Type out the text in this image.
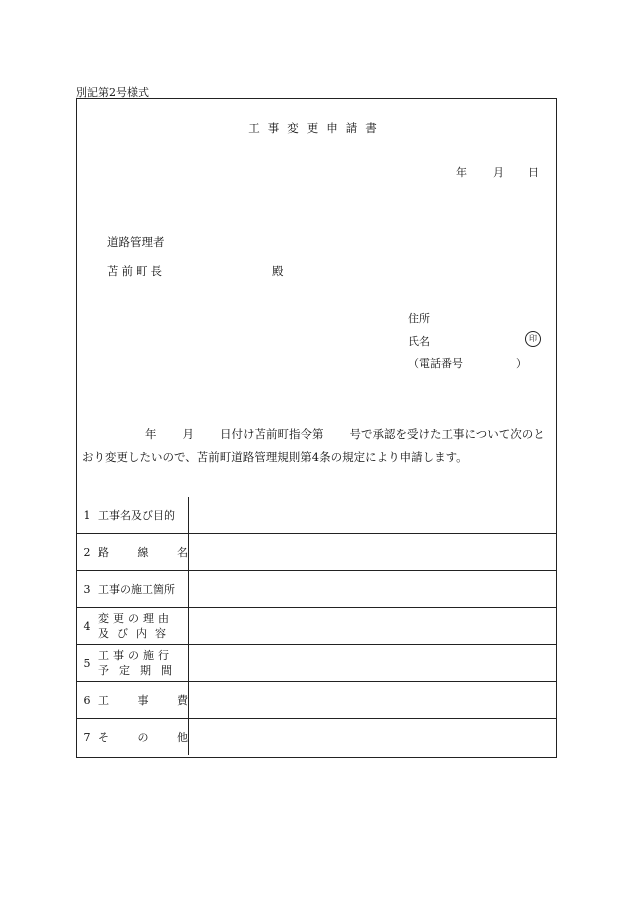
別記第2号様式
工事変更申請書
年 月 日
道路管理者
苫前町長	殿
住所
氏名	印
（電話番号	）
年 月 日付け苫前町指令第 号で承認を受けた工事について次のと
おり変更したいので、苫前町道路管理規則第4条の規定により申請します。
1	工事名及び目的	
2	路 線 名	

3	工事の施工箇所	
4	変更の理由
及び内容	

5	工事の施行
予定期間	

6	工 事 費	

7	そ の 他	
